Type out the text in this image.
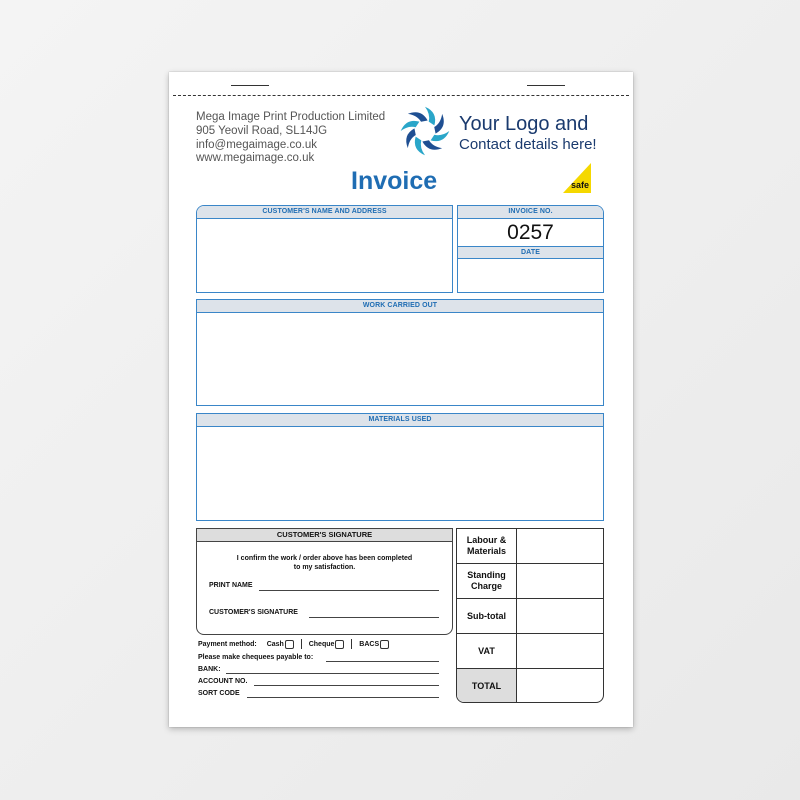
Mega Image Print Production Limited
905 Yeovil Road, SL14JG
info@megaimage.co.uk
www.megaimage.co.uk
Your Logo and
Contact details here!
Invoice	safe
CUSTOMER'S NAME AND ADDRESS	INVOICE NO.
0257
DATE
WORK CARRIED OUT
MATERIALS USED
CUSTOMER'S SIGNATURE
I confirm the work / order above has been completed
to my satisfaction.
PRINT NAME
CUSTOMER'S SIGNATURE
Payment method: Cash	Cheque	BACS
Please make chequees payable to:
BANK:
ACCOUNT NO.
SORT CODE
Labour &
Materials
Standing
Charge
Sub-total
VAT
TOTAL
